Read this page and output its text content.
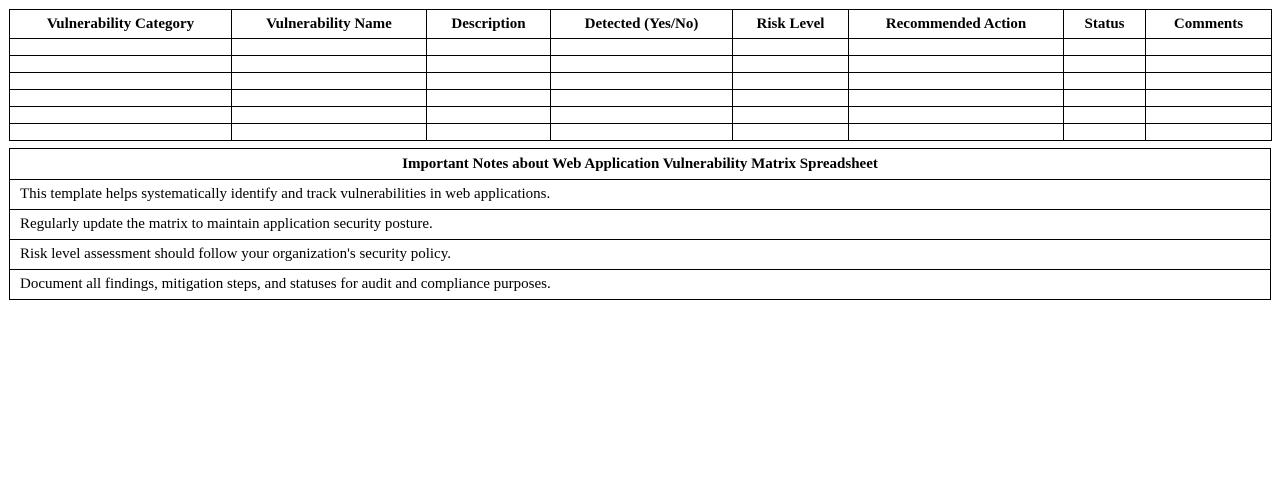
Vulnerability Category	Vulnerability Name	Description	Detected (Yes/No)	Risk Level	Recommended Action	Status	Comments

Important Notes about Web Application Vulnerability Matrix Spreadsheet
This template helps systematically identify and track vulnerabilities in web applications.
Regularly update the matrix to maintain application security posture.
Risk level assessment should follow your organization's security policy.
Document all findings, mitigation steps, and statuses for audit and compliance purposes.
